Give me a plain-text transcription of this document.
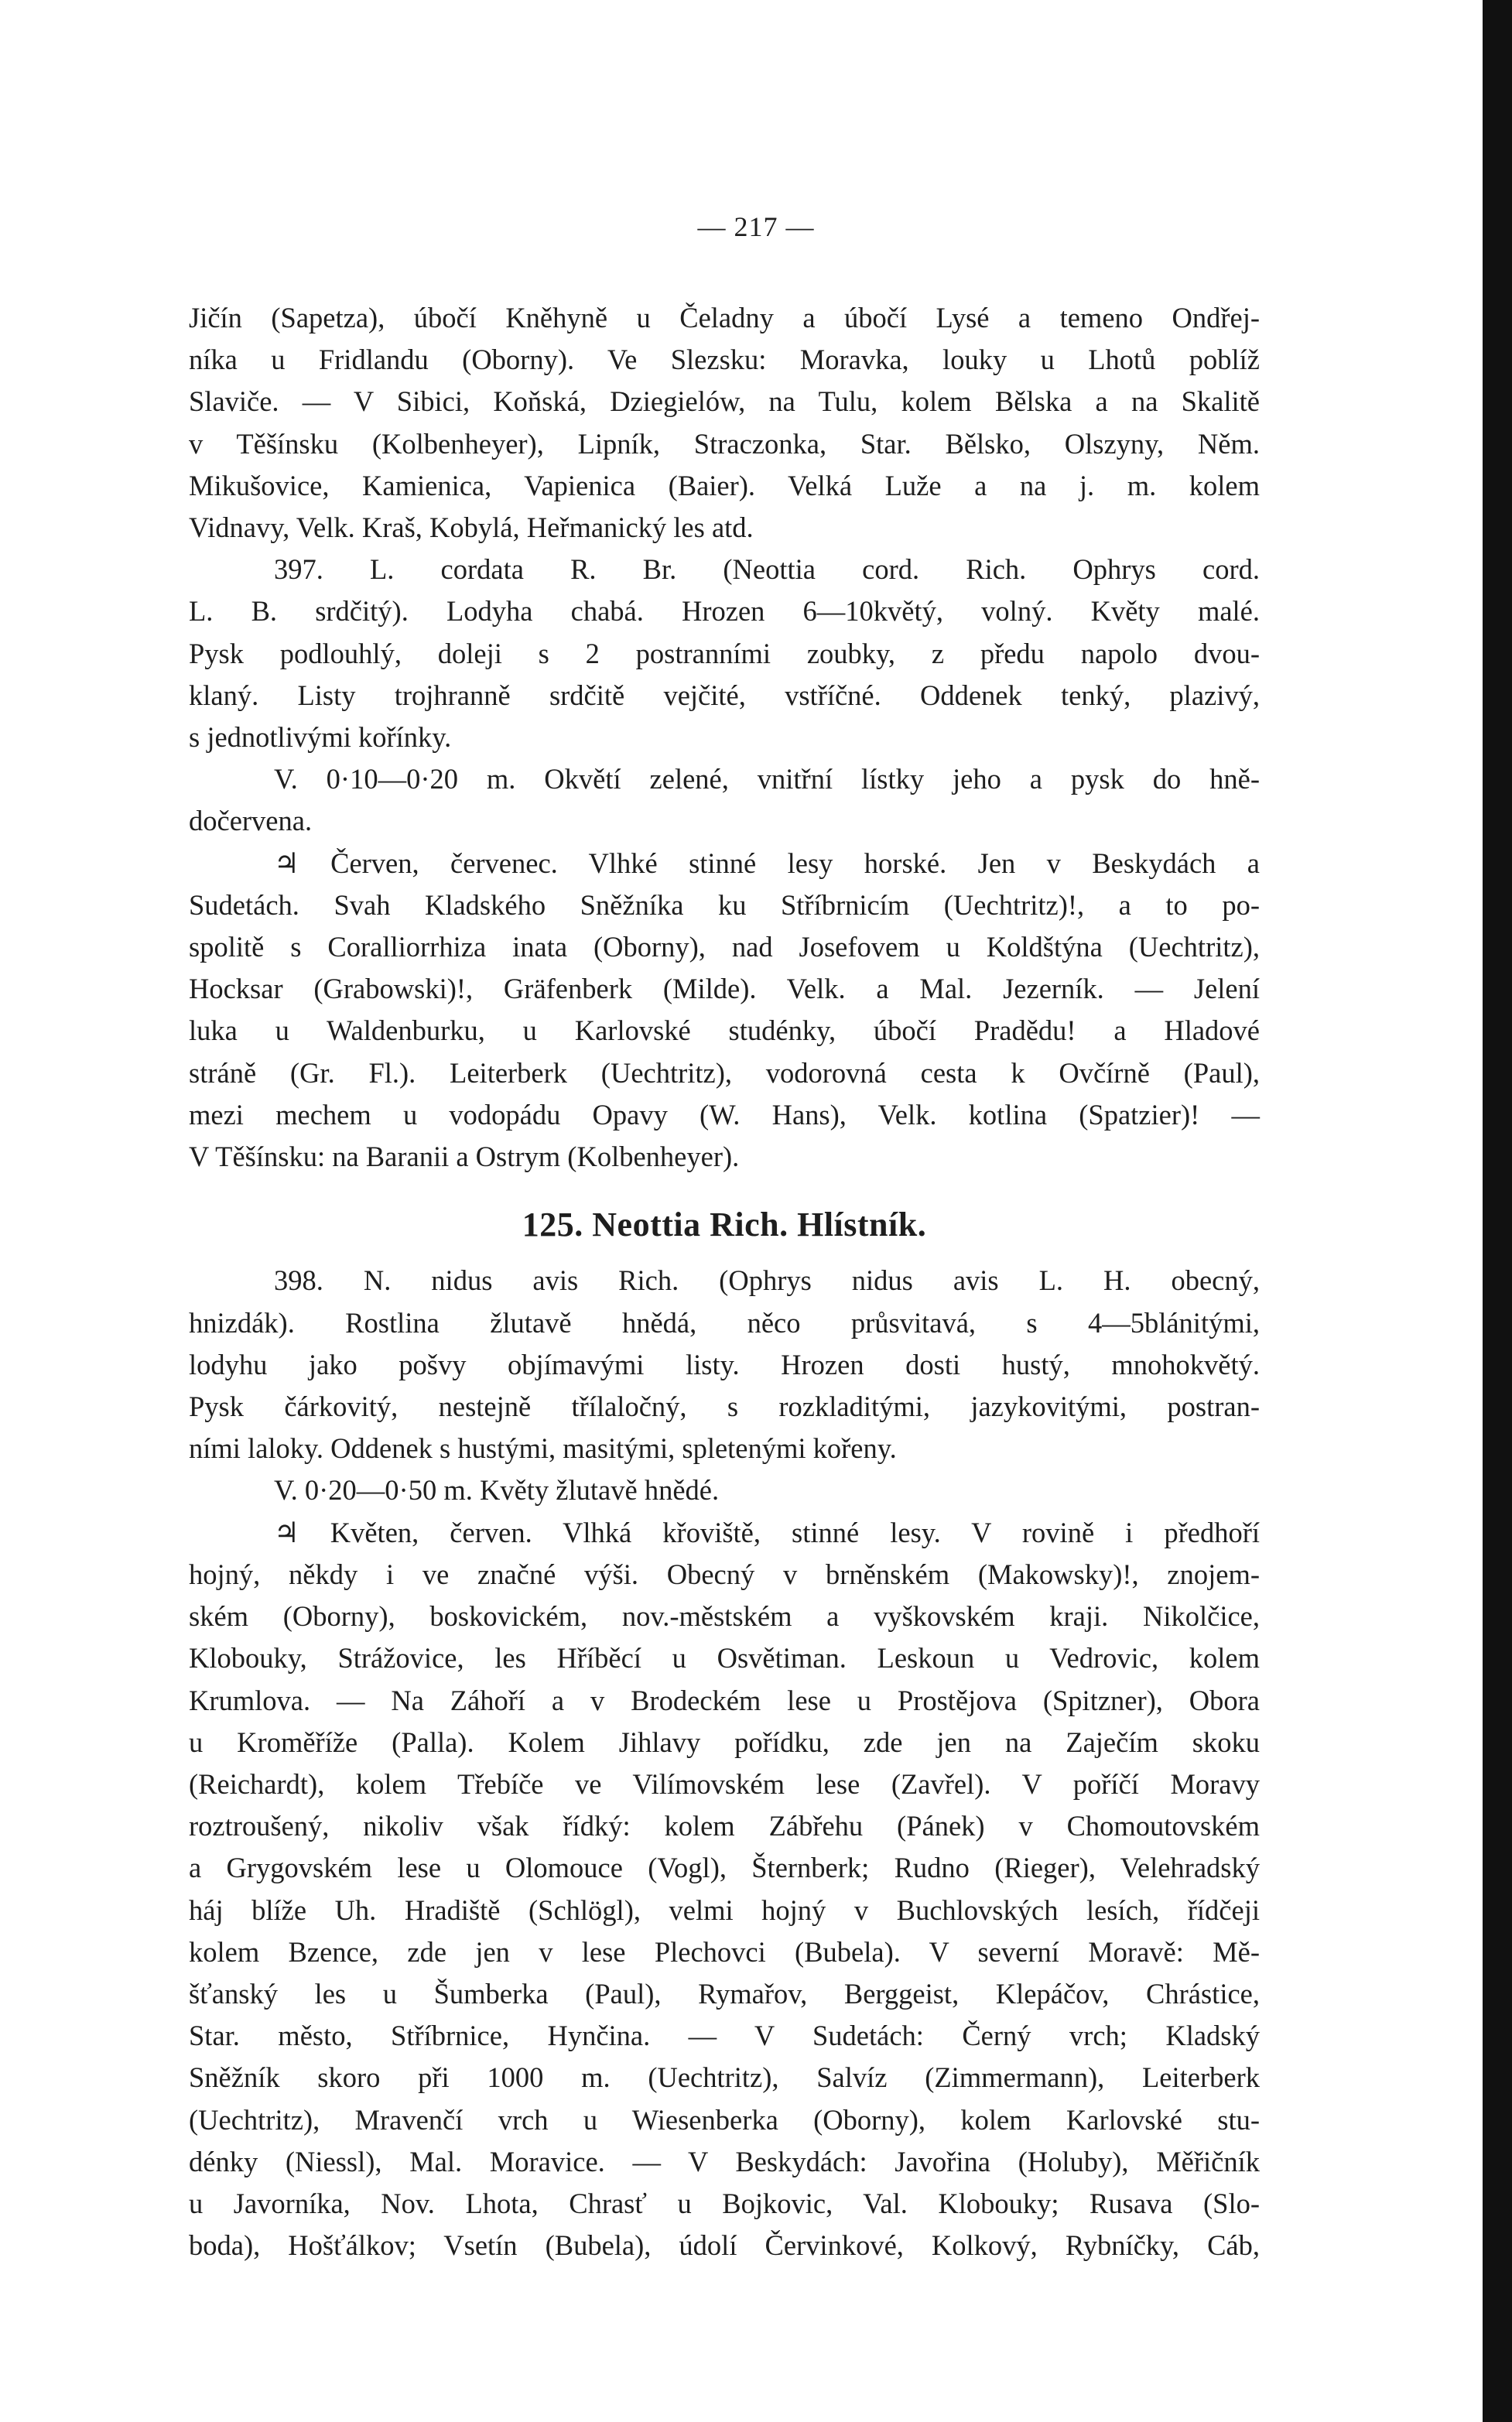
— 217 —
Jičín (Sapetza), úbočí Kněhyně u Čeladny a úbočí Lysé a temeno Ondřej-
níka u Fridlandu (Oborny). Ve Slezsku: Moravka, louky u Lhotů poblíž
Slaviče. — V Sibici, Koňská, Dziegielów, na Tulu, kolem Bělska a na Skalitě
v Těšínsku (Kolbenheyer), Lipník, Straczonka, Star. Bělsko, Olszyny, Něm.
Mikušovice, Kamienica, Vapienica (Baier). Velká Luže a na j. m. kolem
Vidnavy, Velk. Kraš, Kobylá, Heřmanický les atd.
397. L. cordata R. Br. (Neottia cord. Rich. Ophrys cord.
L. B. srdčitý). Lodyha chabá. Hrozen 6—10květý, volný. Květy malé.
Pysk podlouhlý, doleji s 2 postranními zoubky, z předu napolo dvou-
klaný. Listy trojhranně srdčitě vejčité, vstříčné. Oddenek tenký, plazivý,
s jednotlivými kořínky.
V. 0·10—0·20 m. Okvětí zelené, vnitřní lístky jeho a pysk do hně-
dočervena.
♃ Červen, červenec. Vlhké stinné lesy horské. Jen v Beskydách a
Sudetách. Svah Kladského Sněžníka ku Stříbrnicím (Uechtritz)!, a to po-
spolitě s Coralliorrhiza inata (Oborny), nad Josefovem u Koldštýna (Uechtritz),
Hocksar (Grabowski)!, Gräfenberk (Milde). Velk. a Mal. Jezerník. — Jelení
luka u Waldenburku, u Karlovské studénky, úbočí Pradědu! a Hladové
stráně (Gr. Fl.). Leiterberk (Uechtritz), vodorovná cesta k Ovčírně (Paul),
mezi mechem u vodopádu Opavy (W. Hans), Velk. kotlina (Spatzier)! —
V Těšínsku: na Baranii a Ostrym (Kolbenheyer).
125. Neottia Rich. Hlístník.
398. N. nidus avis Rich. (Ophrys nidus avis L. H. obecný,
hnizdák). Rostlina žlutavě hnědá, něco průsvitavá, s 4—5blánitými,
lodyhu jako pošvy objímavými listy. Hrozen dosti hustý, mnohokvětý.
Pysk čárkovitý, nestejně třílaločný, s rozkladitými, jazykovitými, postran-
ními laloky. Oddenek s hustými, masitými, spletenými kořeny.
V. 0·20—0·50 m. Květy žlutavě hnědé.
♃ Květen, červen. Vlhká křoviště, stinné lesy. V rovině i předhoří
hojný, někdy i ve značné výši. Obecný v brněnském (Makowsky)!, znojem-
ském (Oborny), boskovickém, nov.-městském a vyškovském kraji. Nikolčice,
Klobouky, Strážovice, les Hříběcí u Osvětiman. Leskoun u Vedrovic, kolem
Krumlova. — Na Záhoří a v Brodeckém lese u Prostějova (Spitzner), Obora
u Kroměříže (Palla). Kolem Jihlavy pořídku, zde jen na Zaječím skoku
(Reichardt), kolem Třebíče ve Vilímovském lese (Zavřel). V poříčí Moravy
roztroušený, nikoliv však řídký: kolem Zábřehu (Pánek) v Chomoutovském
a Grygovském lese u Olomouce (Vogl), Šternberk; Rudno (Rieger), Velehradský
háj blíže Uh. Hradiště (Schlögl), velmi hojný v Buchlovských lesích, řídčeji
kolem Bzence, zde jen v lese Plechovci (Bubela). V severní Moravě: Mě-
šťanský les u Šumberka (Paul), Rymařov, Berggeist, Klepáčov, Chrástice,
Star. město, Stříbrnice, Hynčina. — V Sudetách: Černý vrch; Kladský
Sněžník skoro při 1000 m. (Uechtritz), Salvíz (Zimmermann), Leiterberk
(Uechtritz), Mravenčí vrch u Wiesenberka (Oborny), kolem Karlovské stu-
dénky (Niessl), Mal. Moravice. — V Beskydách: Javořina (Holuby), Měřičník
u Javorníka, Nov. Lhota, Chrasť u Bojkovic, Val. Klobouky; Rusava (Slo-
boda), Hošťálkov; Vsetín (Bubela), údolí Červinkové, Kolkový, Rybníčky, Cáb,
